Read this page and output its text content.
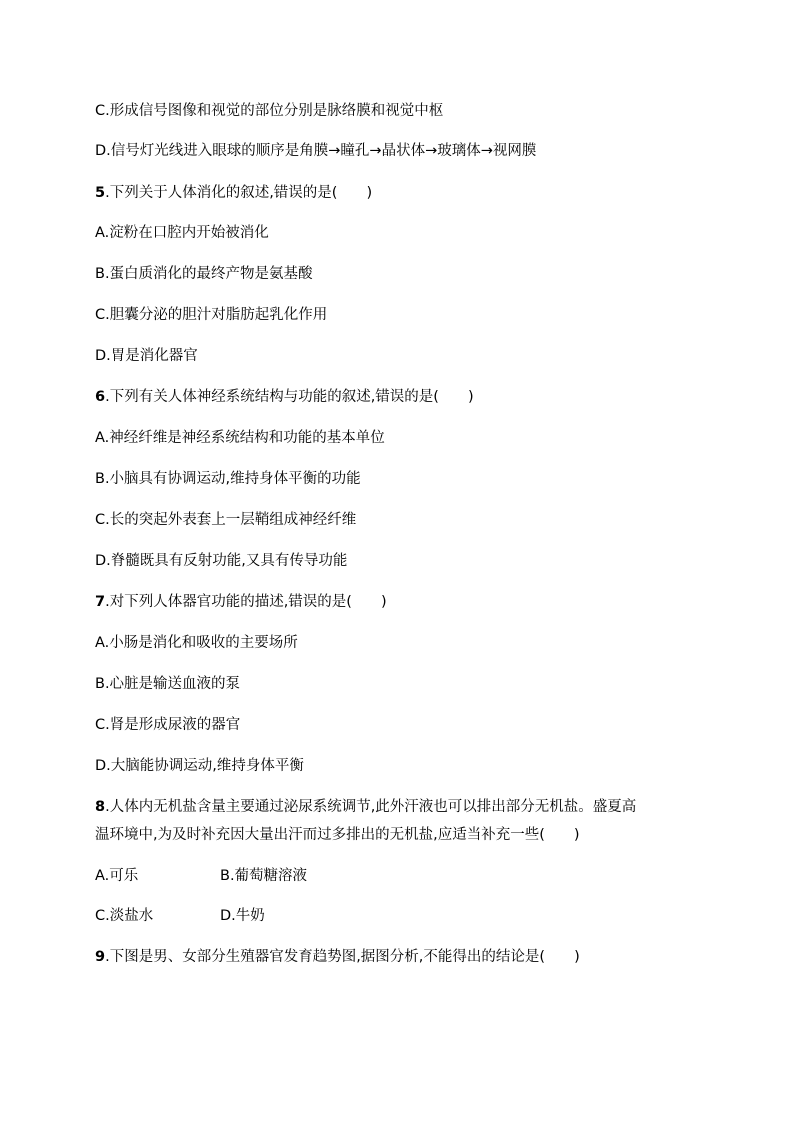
C.形成信号图像和视觉的部位分别是脉络膜和视觉中枢
D.信号灯光线进入眼球的顺序是角膜→瞳孔→晶状体→玻璃体→视网膜
5.下列关于人体消化的叙述,错误的是(　　)
A.淀粉在口腔内开始被消化
B.蛋白质消化的最终产物是氨基酸
C.胆囊分泌的胆汁对脂肪起乳化作用
D.胃是消化器官
6.下列有关人体神经系统结构与功能的叙述,错误的是(　　)
A.神经纤维是神经系统结构和功能的基本单位
B.小脑具有协调运动,维持身体平衡的功能
C.长的突起外表套上一层鞘组成神经纤维
D.脊髓既具有反射功能,又具有传导功能
7.对下列人体器官功能的描述,错误的是(　　)
A.小肠是消化和吸收的主要场所
B.心脏是输送血液的泵
C.肾是形成尿液的器官
D.大脑能协调运动,维持身体平衡
8.人体内无机盐含量主要通过泌尿系统调节,此外汗液也可以排出部分无机盐。盛夏高
温环境中,为及时补充因大量出汗而过多排出的无机盐,应适当补充一些(　　)
A.可乐	B.葡萄糖溶液
C.淡盐水	D.牛奶
9.下图是男、女部分生殖器官发育趋势图,据图分析,不能得出的结论是(　　)
